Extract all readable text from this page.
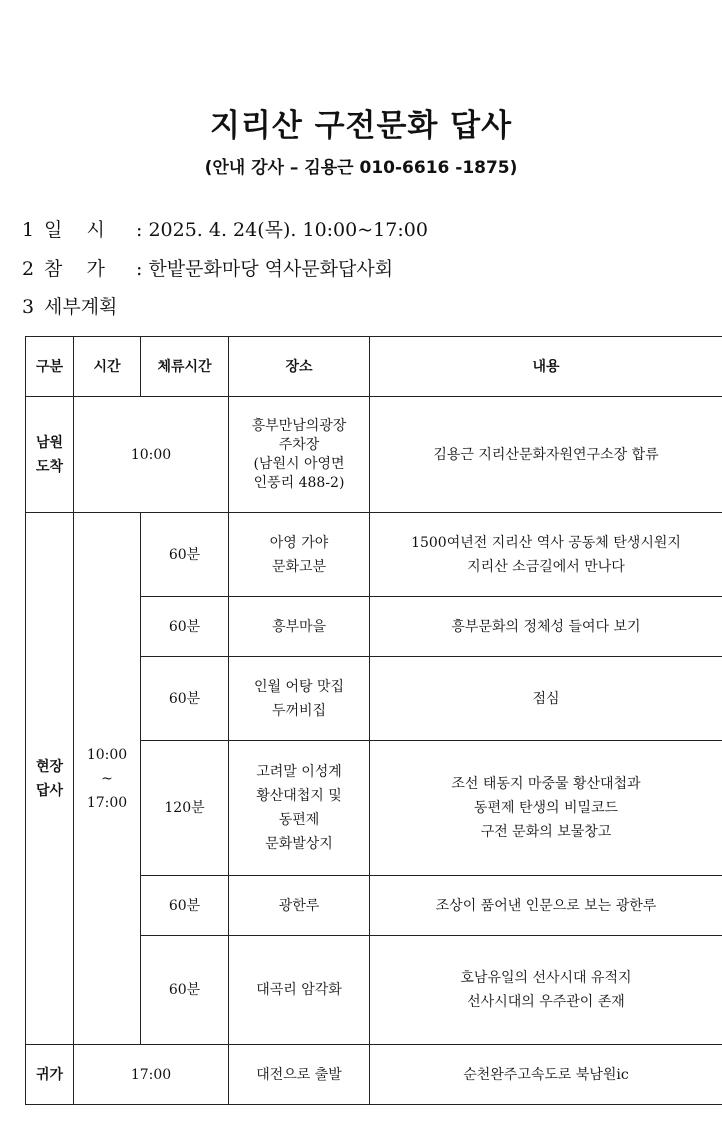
지리산 구전문화 답사
(안내 강사 – 김용근 010-6616 -1875)
1 일    시 : 2025. 4. 24(목). 10:00~17:00
2 참    가 : 한밭문화마당 역사문화답사회
3 세부계획
구분	시간	체류시간	장소	내용

남원
도착	10:00		흥부만남의광장
주차장
(남원시 아영면
인풍리 488-2)	김용근 지리산문화자원연구소장 합류

현장
답사	10:00
~
17:00	60분	아영 가야
문화고분	1500여년전 지리산 역사 공동체 탄생시원지
지리산 소금길에서 만나다

		60분	흥부마을	흥부문화의 정체성 들여다 보기
		60분	인월 어탕 맛집
두꺼비집	점심
		120분	고려말 이성계
황산대첩지 및
동편제
문화발상지	조선 태동지 마중물 황산대첩과
동편제 탄생의 비밀코드
구전 문화의 보물창고

		60분	광한루	조상이 품어낸 인문으로 보는 광한루
		60분	대곡리 암각화	호남유일의 선사시대 유적지
선사시대의 우주관이 존재

귀가	17:00		대전으로 출발	순천완주고속도로 북남원ic
